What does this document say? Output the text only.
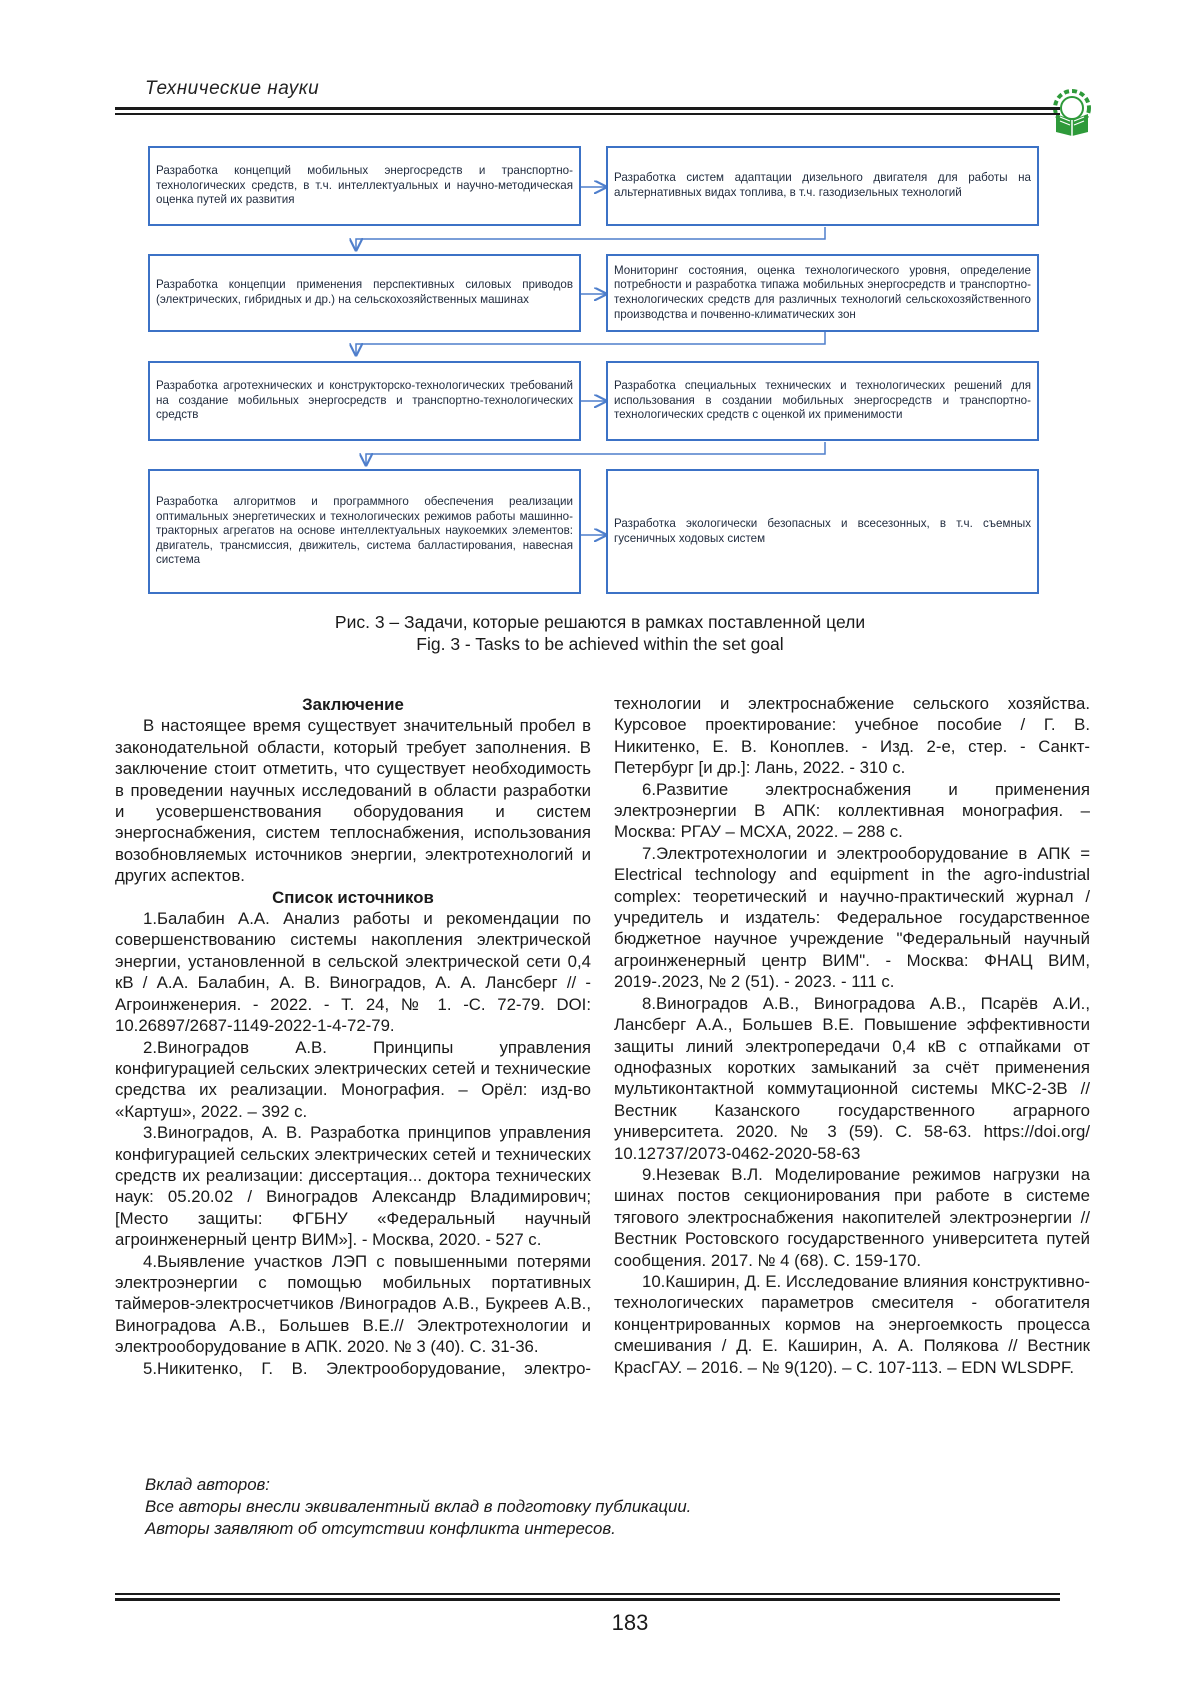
Технические науки
Разработка концепций мобильных энергосредств и транспортно-технологических средств, в т.ч. интеллектуальных и научно-методическая оценка путей их развития
Разработка систем адаптации дизельного двигателя для работы на альтернативных видах топлива, в т.ч. газодизельных технологий
Разработка концепции применения перспективных силовых приводов (электрических, гибридных и др.) на сельскохозяйственных машинах
Мониторинг состояния, оценка технологического уровня, определение потребности и разработка типажа мобильных энергосредств и транспортно-технологических средств для различных технологий сельскохозяйственного производства и почвенно-климатических зон
Разработка агротехнических и конструкторско-технологических требований на создание мобильных энергосредств и транспортно-технологических средств
Разработка специальных технических и технологических решений для использования в создании мобильных энергосредств и транспортно-технологических средств с оценкой их применимости
Разработка алгоритмов и программного обеспечения реализации оптимальных энергетических и технологических режимов работы машинно-тракторных агрегатов на основе интеллектуальных наукоемких элементов: двигатель, трансмиссия, движитель, система балластирования, навесная система
Разработка экологически безопасных и всесезонных, в т.ч. съемных гусеничных ходовых систем
Рис. 3 – Задачи, которые решаются в рамках поставленной цели
Fig. 3 - Tasks to be achieved within the set goal
Заключение

В настоящее время существует значительный пробел в законодательной области, который требует заполнения. В заключение стоит отметить, что существует необходимость в проведении научных исследований в области разработки и усовершенствования оборудования и систем энергоснабжения, систем теплоснабжения, использования возобновляемых источников энергии, электротехнологий и других аспектов.

Список источников

1.Балабин А.А. Анализ работы и рекомендации по совершенствованию системы накопления электрической энергии, установленной в сельской электрической сети 0,4 кВ / А.А. Балабин, А. В. Виноградов, А. А. Лансберг // - Агроинженерия. - 2022. - Т. 24, № 1. -С. 72-79. DOI: 10.26897/2687-1149-2022-1-4-72-79.

2.Виноградов А.В. Принципы управления конфигурацией сельских электрических сетей и технические средства их реализации. Монография. – Орёл: изд-во «Картуш», 2022. – 392 с.

3.Виноградов, А. В. Разработка принципов управления конфигурацией сельских электрических сетей и технических средств их реализации: диссертация... доктора технических наук: 05.20.02 / Виноградов Александр Владимирович; [Место защиты: ФГБНУ «Федеральный научный агроинженерный центр ВИМ»]. - Москва, 2020. - 527 с.

4.Выявление участков ЛЭП с повышенными потерями электроэнергии с помощью мобильных портативных таймеров-электросчетчиков /Виноградов А.В., Букреев А.В., Виноградова А.В., Большев В.Е.// Электротехнологии и электрооборудование в АПК. 2020. № 3 (40). С. 31-36.

5.Никитенко, Г. В. Электрооборудование, электро-

технологии и электроснабжение сельского хозяйства. Курсовое проектирование: учебное пособие / Г. В. Никитенко, Е. В. Коноплев. - Изд. 2-е, стер. - Санкт-Петербург [и др.]: Лань, 2022. - 310 с.

6.Развитие электроснабжения и применения электроэнергии В АПК: коллективная монография. – Москва: РГАУ – МСХА, 2022. – 288 с.

7.Электротехнологии и электрооборудование в АПК = Electrical technology and equipment in the agro-industrial complex: теоретический и научно-практический журнал / учредитель и издатель: Федеральное государственное бюджетное научное учреждение "Федеральный научный агроинженерный центр ВИМ". - Москва: ФНАЦ ВИМ, 2019-.2023, № 2 (51). - 2023. - 111 с.

8.Виноградов А.В., Виноградова А.В., Псарёв А.И., Лансберг А.А., Большев В.Е. Повышение эффективности защиты линий электропередачи 0,4 кВ с отпайками от однофазных коротких замыканий за счёт применения мультиконтактной коммутационной системы МКС-2-3В // Вестник Казанского государственного аграрного университета. 2020. № 3 (59). С. 58-63. https://doi.org/ 10.12737/2073-0462-2020-58-63

9.Незевак В.Л. Моделирование режимов нагрузки на шинах постов секционирования при работе в системе тягового электроснабжения накопителей электроэнергии // Вестник Ростовского государственного университета путей сообщения. 2017. № 4 (68). С. 159-170.

10.Каширин, Д. Е. Исследование влияния конструктивно-технологических параметров смесителя - обогатителя концентрированных кормов на энергоемкость процесса смешивания / Д. Е. Каширин, А. А. Полякова // Вестник КрасГАУ. – 2016. – № 9(120). – С. 107-113. – EDN WLSDPF.

Вклад авторов:
Все авторы внесли эквивалентный вклад в подготовку публикации.
Авторы заявляют об отсутствии конфликта интересов.
183
